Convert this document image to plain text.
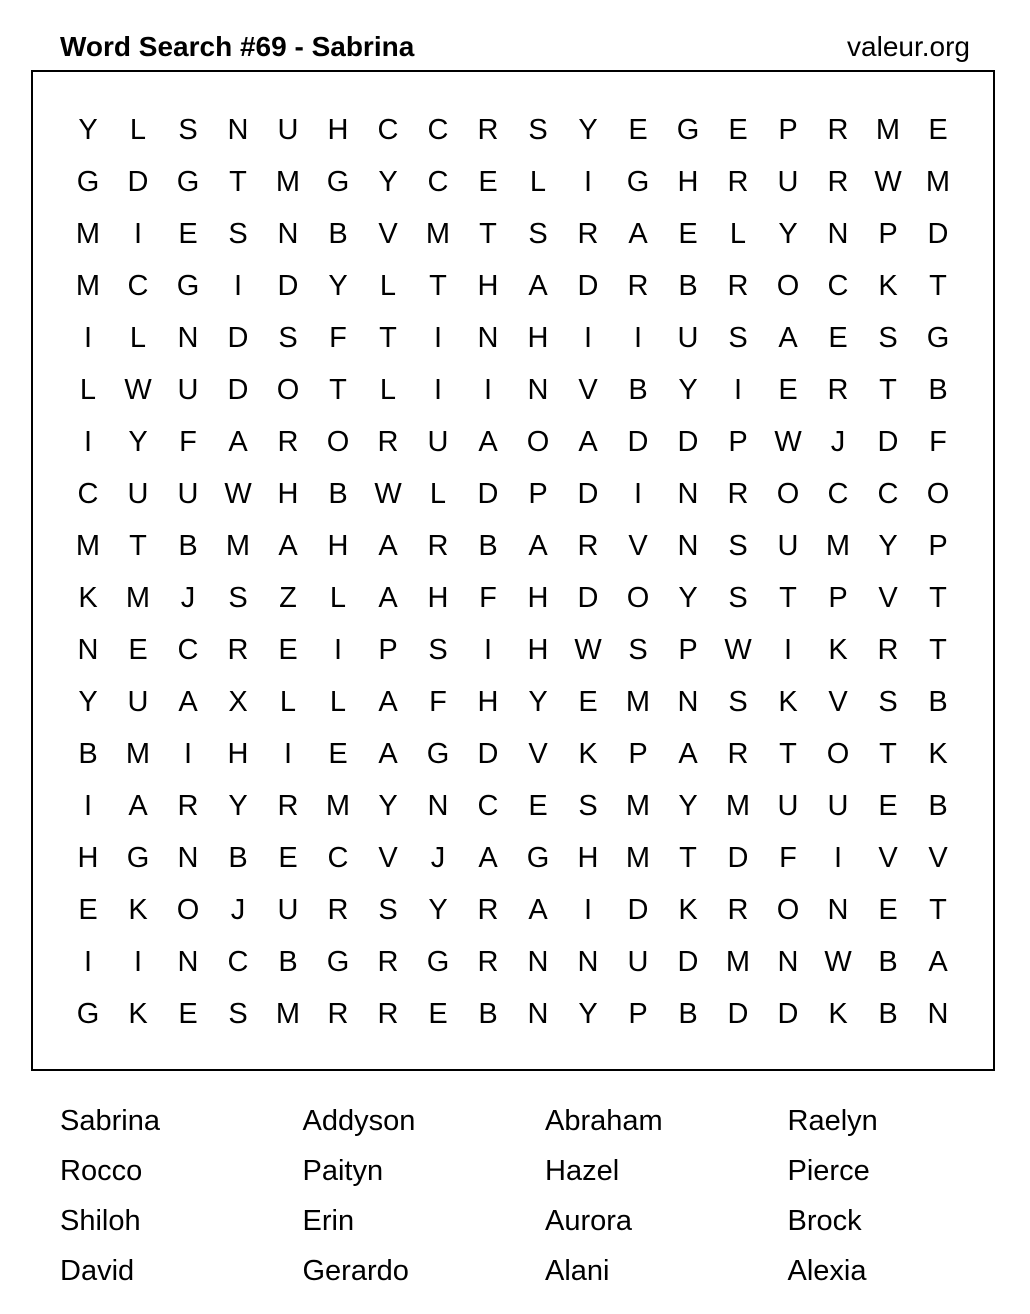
Word Search #69 - Sabrina	valeur.org
Y	L	S	N	U	H	C	C	R	S	Y	E	G	E	P	R M E
G D G	T	M G	Y	C	E	L	I	G H	R	U	R W M
M	I	E	S	N	B	V M	T	S	R	A	E	L	Y	N	P	D
M C G	I	D	Y	L	T	H	A	D	R	B	R O C	K	T
I	L	N	D	S	F	T	I	N	H	I	I	U	S	A	E	S	G
L W U	D O	T	L	I	I	N	V	B	Y	I	E	R	T	B
I	Y	F	A	R O R	U	A	O	A	D	D	P W	J	D	F
C	U	U W H	B W L	D	P	D	I	N	R O C	C O
M	T	B M A	H	A	R	B	A	R	V	N	S	U M Y	P
K M	J	S	Z	L	A	H	F	H	D O	Y	S	T	P	V	T
N	E	C	R	E	I	P	S	I	H W S	P W	I	K	R	T
Y	U	A	X	L	L	A	F	H	Y	E M N	S	K	V	S	B
B M	I	H	I	E	A	G D	V	K	P	A	R	T	O	T	K
I	A	R	Y	R M Y	N	C	E	S M Y M U	U	E	B
H G N	B	E	C	V	J	A	G H M	T	D	F	I	V	V
E	K	O	J	U	R	S	Y	R	A	I	D	K	R O N	E	T
I	I	N	C	B	G R G R	N	N	U	D M N W B	A
G	K	E	S M R	R	E	B	N	Y	P	B	D	D	K	B	N
Sabrina	Addyson	Abraham	Raelyn
Rocco	Paityn	Hazel	Pierce
Shiloh	Erin	Aurora	Brock
David	Gerardo	Alani	Alexia
